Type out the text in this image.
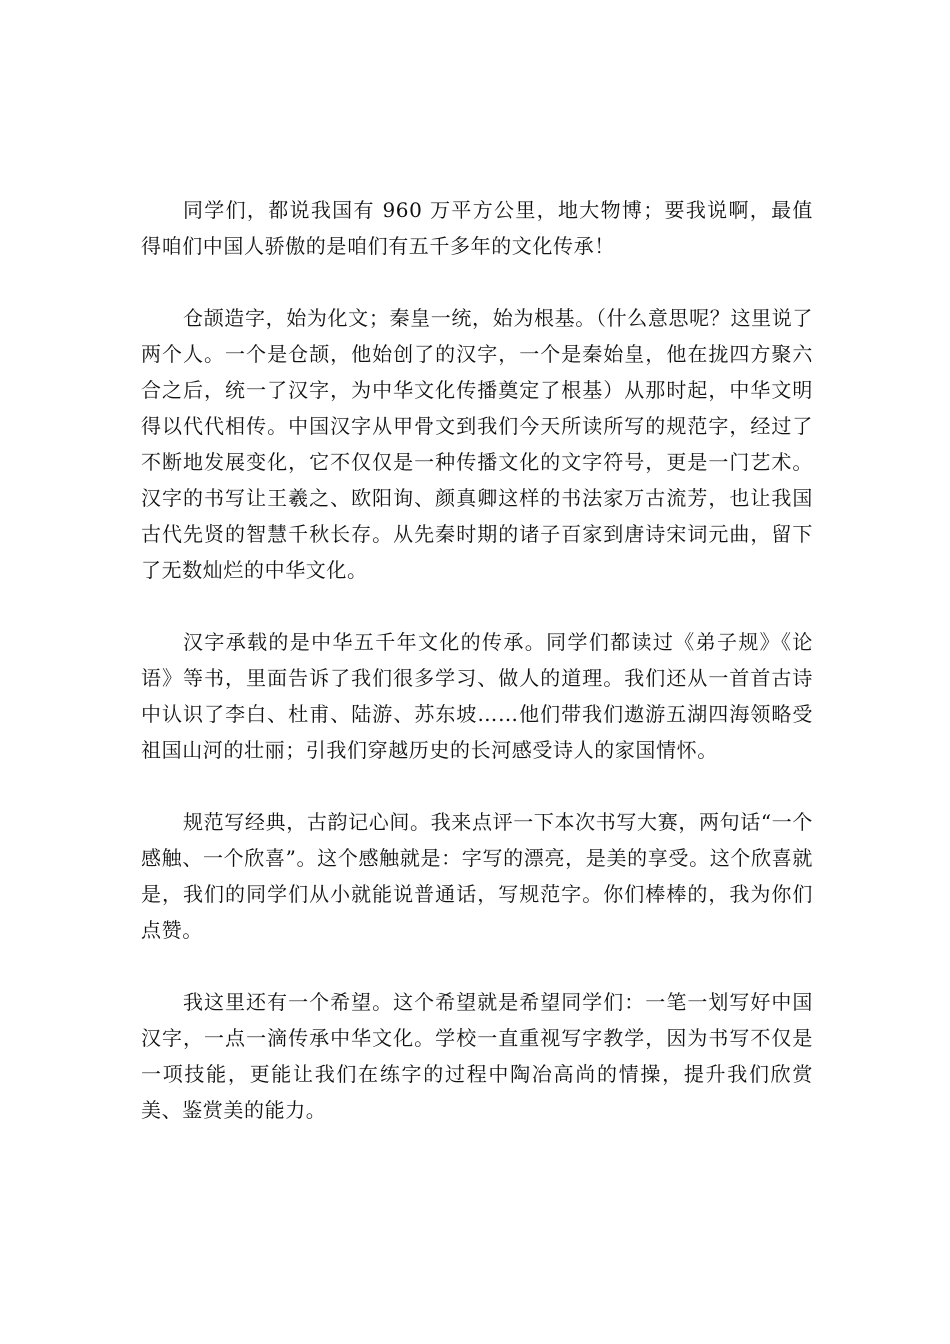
同学们，都说我国有 960 万平方公里，地大物博；要我说啊，最值得咱们中国人骄傲的是咱们有五千多年的文化传承！

仓颉造字，始为化文；秦皇一统，始为根基。（什么意思呢？这里说了两个人。一个是仓颉，他始创了的汉字，一个是秦始皇，他在拢四方聚六合之后，统一了汉字，为中华文化传播奠定了根基）从那时起，中华文明得以代代相传。中国汉字从甲骨文到我们今天所读所写的规范字，经过了不断地发展变化，它不仅仅是一种传播文化的文字符号，更是一门艺术。汉字的书写让王羲之、欧阳询、颜真卿这样的书法家万古流芳，也让我国古代先贤的智慧千秋长存。从先秦时期的诸子百家到唐诗宋词元曲，留下了无数灿烂的中华文化。

汉字承载的是中华五千年文化的传承。同学们都读过《弟子规》《论语》等书，里面告诉了我们很多学习、做人的道理。我们还从一首首古诗中认识了李白、杜甫、陆游、苏东坡……他们带我们遨游五湖四海领略受祖国山河的壮丽；引我们穿越历史的长河感受诗人的家国情怀。

规范写经典，古韵记心间。我来点评一下本次书写大赛，两句话“一个感触、一个欣喜”。这个感触就是：字写的漂亮，是美的享受。这个欣喜就是，我们的同学们从小就能说普通话，写规范字。你们棒棒的，我为你们点赞。

我这里还有一个希望。这个希望就是希望同学们：一笔一划写好中国汉字，一点一滴传承中华文化。学校一直重视写字教学，因为书写不仅是一项技能，更能让我们在练字的过程中陶冶高尚的情操，提升我们欣赏美、鉴赏美的能力。
